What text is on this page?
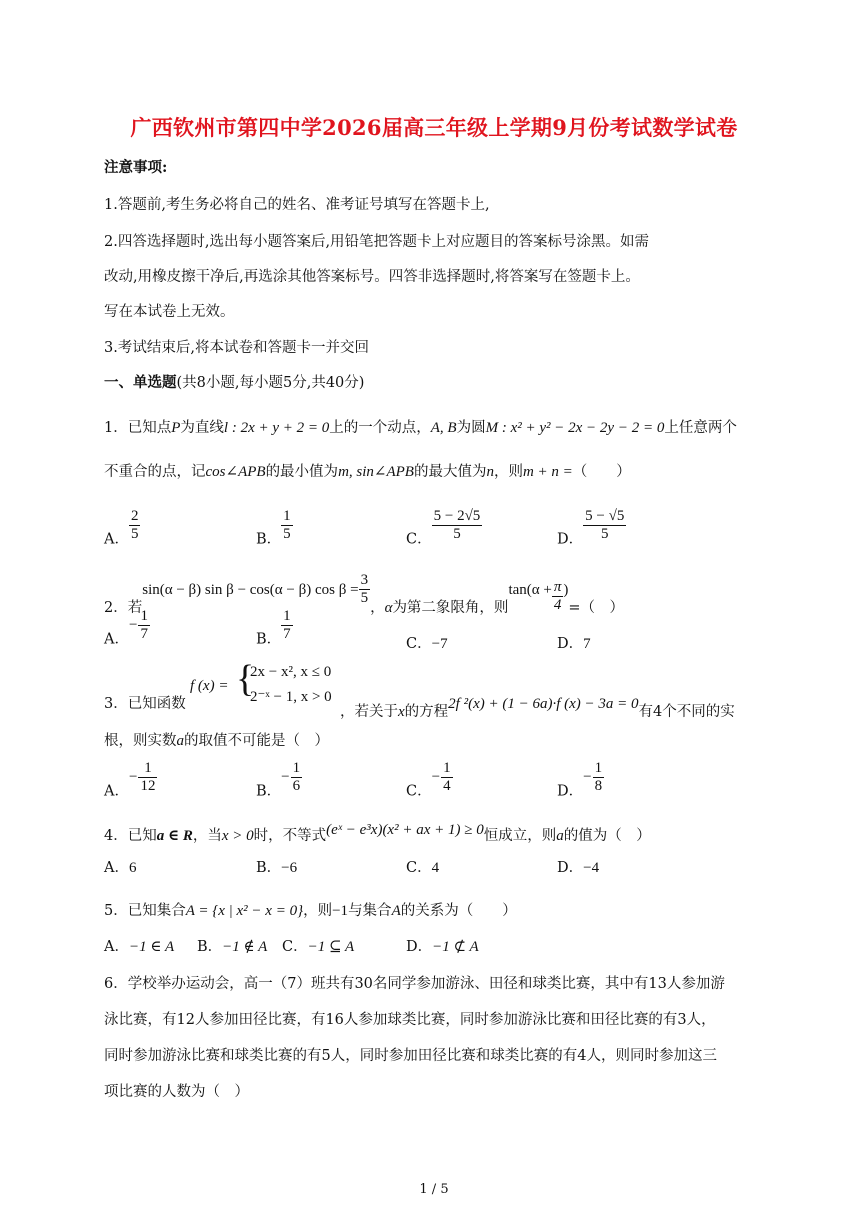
广西钦州市第四中学2026届高三年级上学期9月份考试数学试卷
注意事项:
1.答题前,考生务必将自己的姓名、准考证号填写在答题卡上,
2.四答选择题时,选出每小题答案后,用铅笔把答题卡上对应题目的答案标号涂黑。如需
改动,用橡皮擦干净后,再选涂其他答案标号。四答非选择题时,将答案写在签题卡上。
写在本试卷上无效。
3.考试结束后,将本试卷和答题卡一并交回
一、单选题(共8小题,每小题5分,共40分)
1．已知点P为直线l : 2x + y + 2 = 0上的一个动点，A, B为圆M : x² + y² − 2x − 2y − 2 = 0上任意两个
不重合的点，记cos∠APB的最小值为m, sin∠APB的最大值为n，则m + n =（　　）
A． $\frac{2}{5}$	B． $\frac{1}{5}$	C． $\frac{5 - 2√5}{5}$	D． $\frac{5 - √5}{5}$
2．若sin(α − β) sin β − cos(α − β) $\cos \beta = \frac{3}{5}$
，α为第二象限角，则$\tan(\alpha + \frac{\pi}{4}$ )=（　）
A．− $\frac{1}{7}$	B． $\frac{1}{7}$
C．−7	D．7
f (x) = {
2x − x², x ≤ 0
2⁻ˣ − 1, x > 0
3．已知函数	，若关于x的方程2f ²(x) + (1 − 6a)·f (x) − 3a = 0有4个不同的实
根，则实数a的取值不可能是（　）
A．− $\frac{1}{12}$	B．− $\frac{1}{6}$	C．− $\frac{1}{4}$	D．− $\frac{1}{8}$
4．已知a ∈ R，当x > 0时，不等式(eˣ − e³x)(x² + ax + 1) ≥ 0恒成立，则a的值为（　）
A．6	B．−6	C．4	D．−4
5．已知集合A = {x | x² − x = 0}，则−1与集合A的关系为（　　）
A．−1 ∈ A B．−1 ∉ A C．−1 ⊆ A	D．−1 ⊄ A
6．学校举办运动会，高一（7）班共有30名同学参加游泳、田径和球类比赛，其中有13人参加游
泳比赛，有12人参加田径比赛，有16人参加球类比赛，同时参加游泳比赛和田径比赛的有3人，
同时参加游泳比赛和球类比赛的有5人，同时参加田径比赛和球类比赛的有4人，则同时参加这三
项比赛的人数为（　）
1 / 5
